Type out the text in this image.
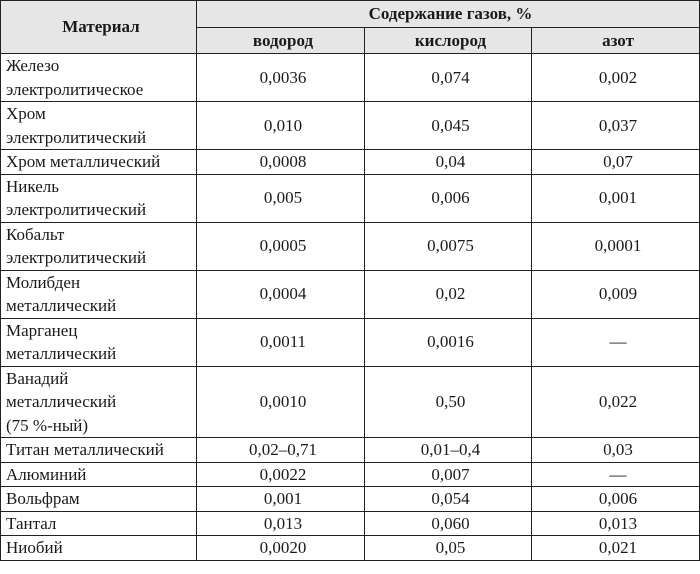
Материал	Содержание газов, %		
	водород	кислород	азот
Железо
электролитическое	0,0036	0,074	0,002
Хром
электролитический	0,010	0,045	0,037
Хром металлический	0,0008	0,04	0,07
Никель
электролитический	0,005	0,006	0,001
Кобальт
электролитический	0,0005	0,0075	0,0001
Молибден
металлический	0,0004	0,02	0,009
Марганец
металлический	0,0011	0,0016	—
Ванадий
металлический
(75 %-ный)	0,0010	0,50	0,022
Титан металлический	0,02–0,71	0,01–0,4	0,03
Алюминий	0,0022	0,007	—
Вольфрам	0,001	0,054	0,006
Тантал	0,013	0,060	0,013
Ниобий	0,0020	0,05	0,021
